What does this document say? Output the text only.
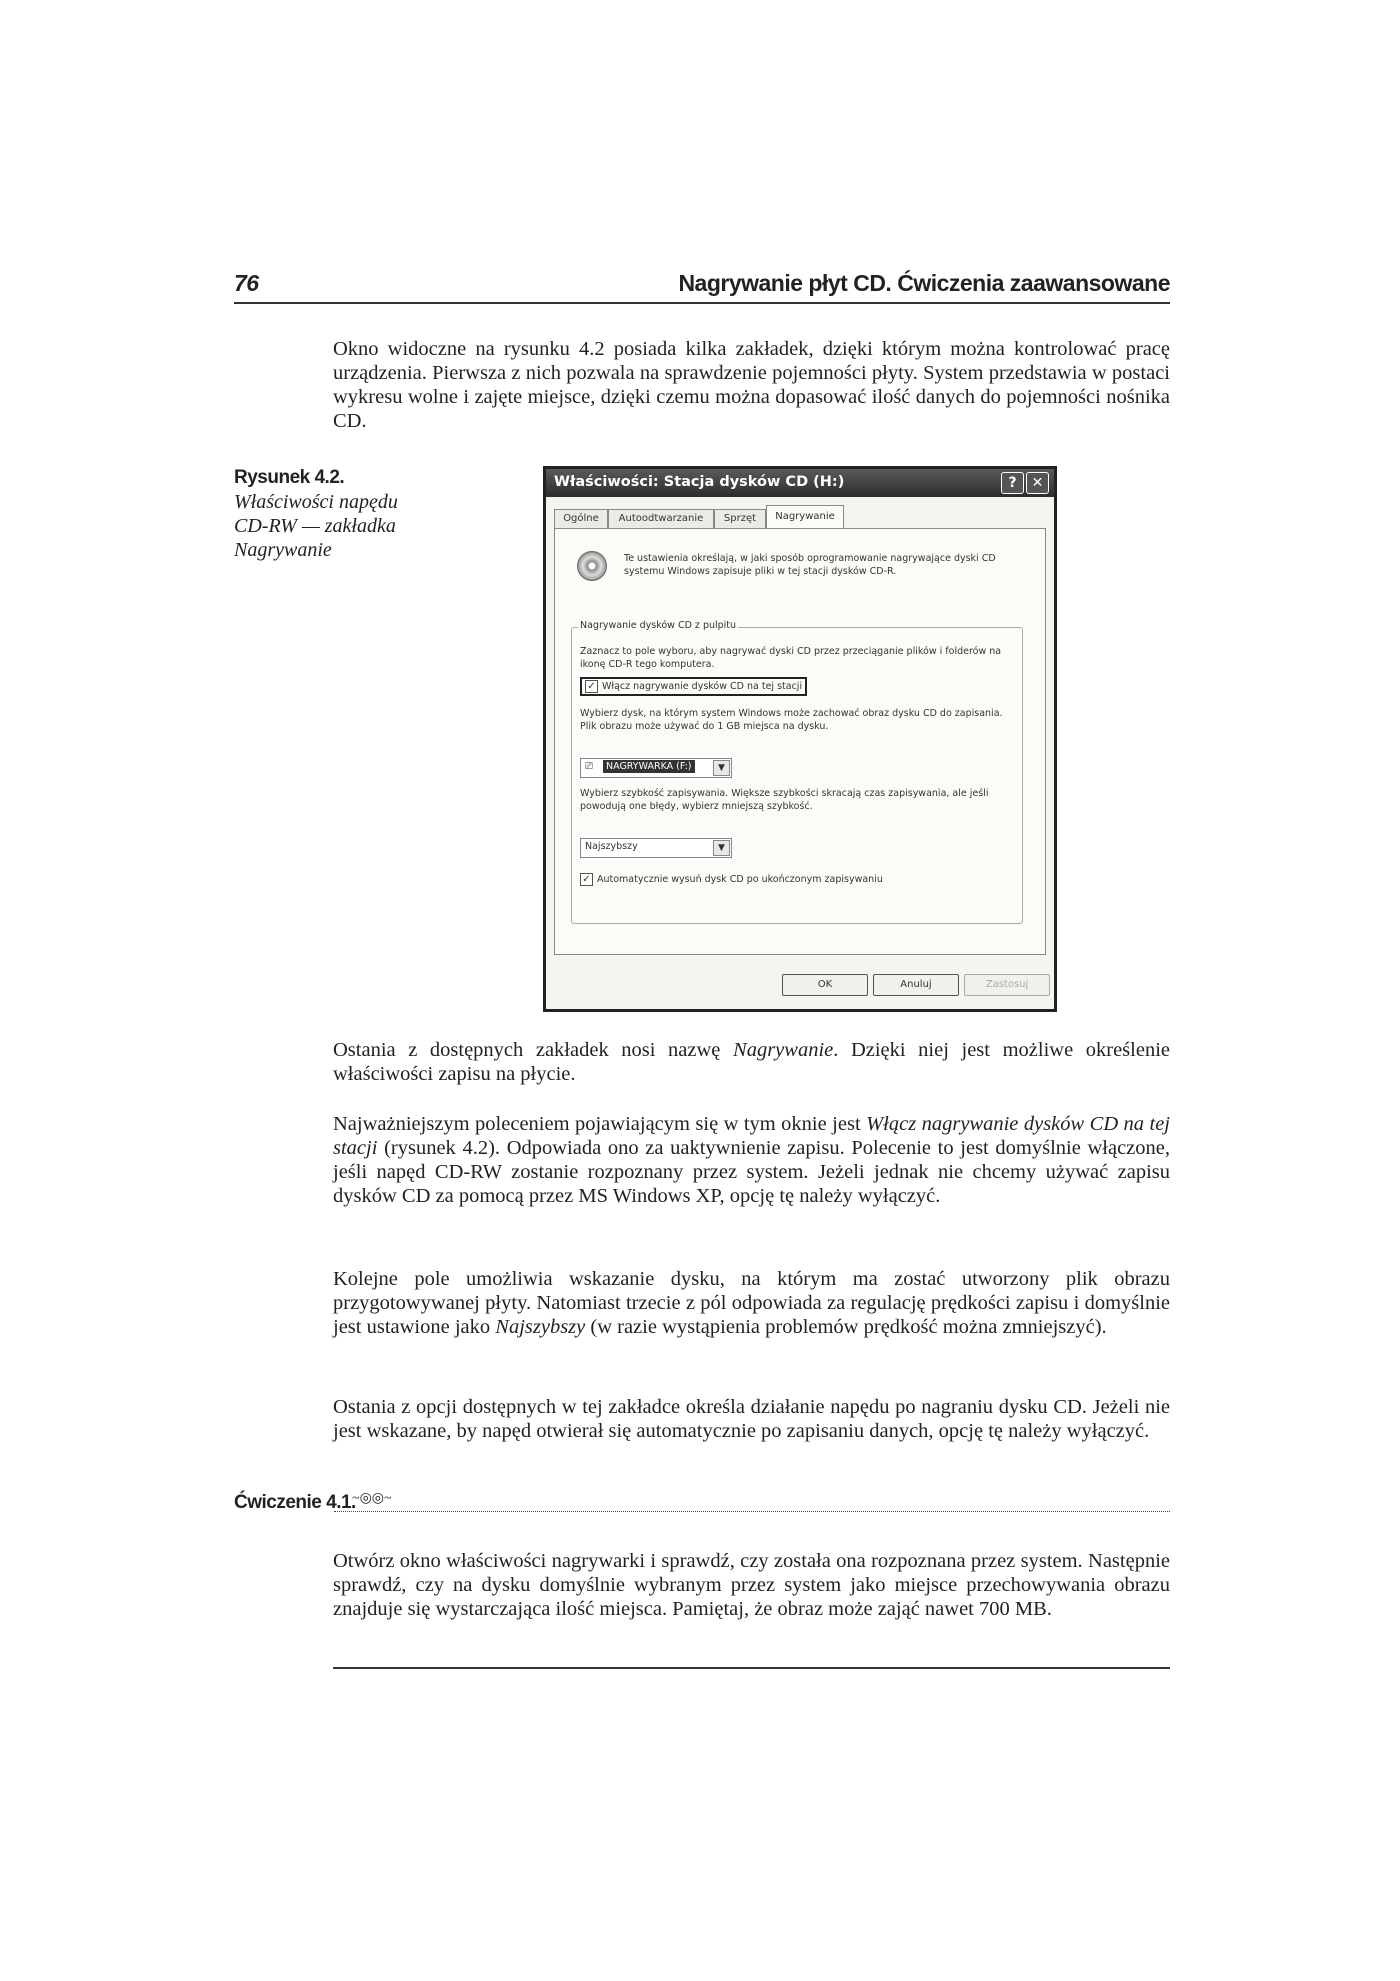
76	Nagrywanie płyt CD. Ćwiczenia zaawansowane

Okno widoczne na rysunku 4.2 posiada kilka zakładek, dzięki którym można kontrolować pracę urządzenia. Pierwsza z nich pozwala na sprawdzenie pojemności płyty. System przedstawia w postaci wykresu wolne i zajęte miejsce, dzięki czemu można dopasować ilość danych do pojemności nośnika CD.

Rysunek 4.2.
Właściwości napędu CD-RW — zakładka Nagrywanie
Właściwości: Stacja dysków CD (H:)	?	✕
Ogólne	Autoodtwarzanie	Sprzęt	Nagrywanie
Te ustawienia określają, w jaki sposób oprogramowanie nagrywające dyski CD systemu Windows zapisuje pliki w tej stacji dysków CD-R.
Nagrywanie dysków CD z pulpitu
Zaznacz to pole wyboru, aby nagrywać dyski CD przez przeciąganie plików i folderów na ikonę CD-R tego komputera.
✓ Włącz nagrywanie dysków CD na tej stacji
Wybierz dysk, na którym system Windows może zachować obraz dysku CD do zapisania. Plik obrazu może używać do 1 GB miejsca na dysku.
⎚	NAGRYWARKA (F:)	▼
Wybierz szybkość zapisywania. Większe szybkości skracają czas zapisywania, ale jeśli powodują one błędy, wybierz mniejszą szybkość.
Najszybszy	▼
✓ Automatycznie wysuń dysk CD po ukończonym zapisywaniu
OK	Anuluj	Zastosuj

Ostania z dostępnych zakładek nosi nazwę Nagrywanie. Dzięki niej jest możliwe określenie właściwości zapisu na płycie.

Najważniejszym poleceniem pojawiającym się w tym oknie jest Włącz nagrywanie dysków CD na tej stacji (rysunek 4.2). Odpowiada ono za uaktywnienie zapisu. Polecenie to jest domyślnie włączone, jeśli napęd CD-RW zostanie rozpoznany przez system. Jeżeli jednak nie chcemy używać zapisu dysków CD za pomocą przez MS Windows XP, opcję tę należy wyłączyć.

Kolejne pole umożliwia wskazanie dysku, na którym ma zostać utworzony plik obrazu przygotowywanej płyty. Natomiast trzecie z pól odpowiada za regulację prędkości zapisu i domyślnie jest ustawione jako Najszybszy (w razie wystąpienia problemów prędkość można zmniejszyć).

Ostania z opcji dostępnych w tej zakładce określa działanie napędu po nagraniu dysku CD. Jeżeli nie jest wskazane, by napęd otwierał się automatycznie po zapisaniu danych, opcję tę należy wyłączyć.

Ćwiczenie 4.1.
~◎◎~

Otwórz okno właściwości nagrywarki i sprawdź, czy została ona rozpoznana przez system. Następnie sprawdź, czy na dysku domyślnie wybranym przez system jako miejsce przechowywania obrazu znajduje się wystarczająca ilość miejsca. Pamiętaj, że obraz może zająć nawet 700 MB.
